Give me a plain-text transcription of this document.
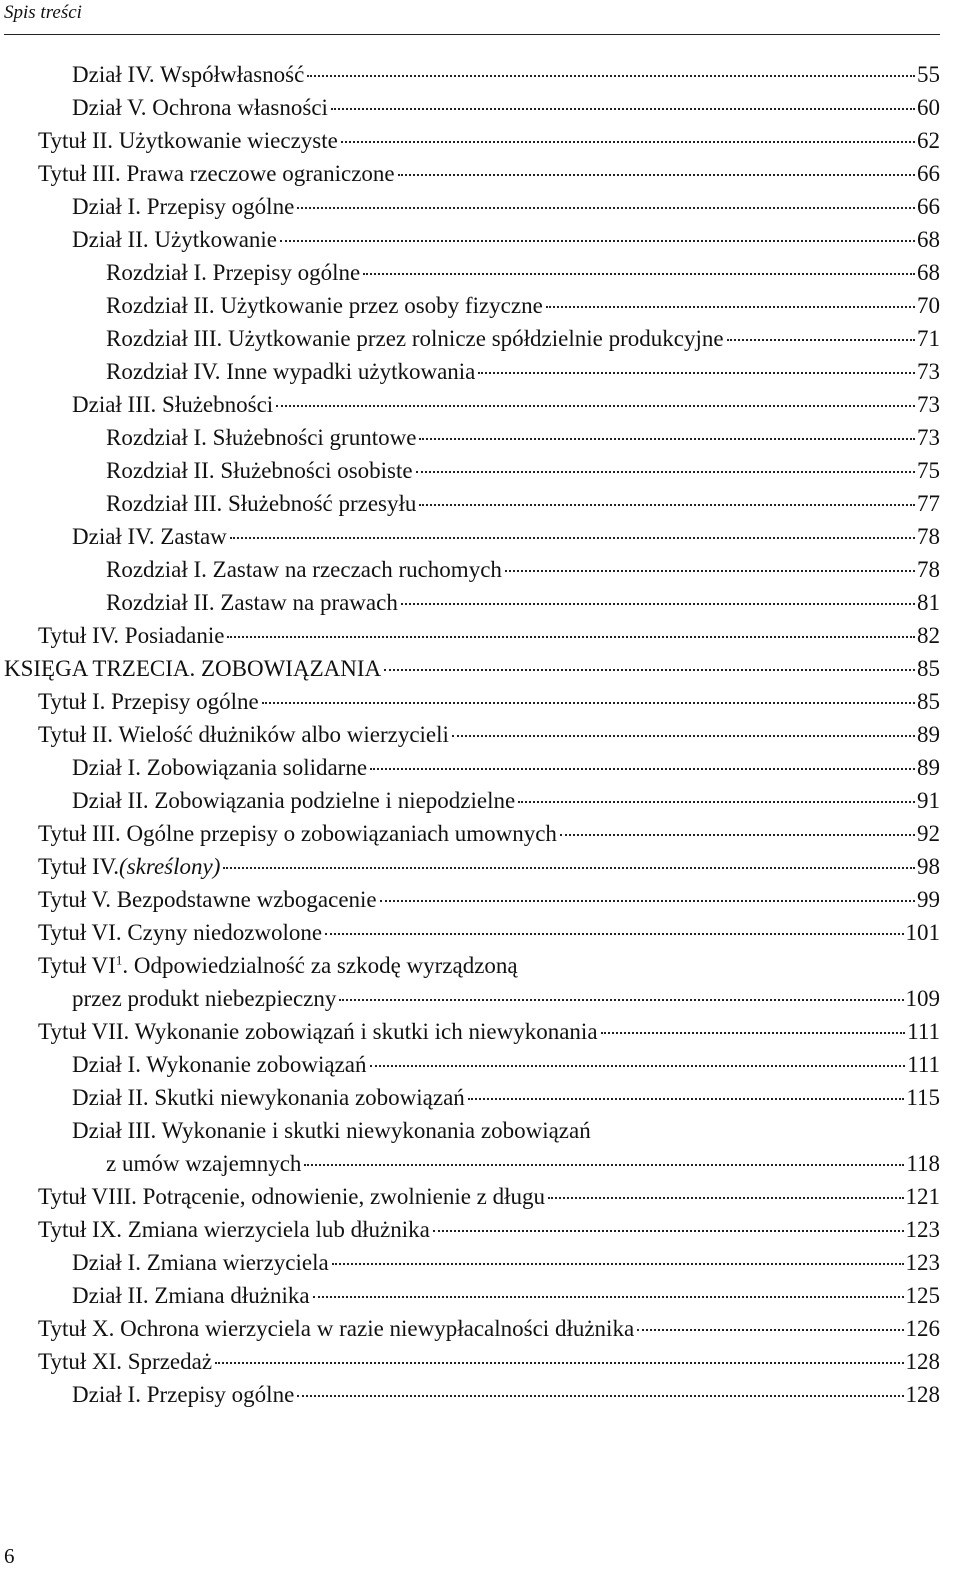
Spis treści
Dział IV. Współwłasność	55
Dział V. Ochrona własności	60
Tytuł II. Użytkowanie wieczyste	62
Tytuł III. Prawa rzeczowe ograniczone	66
Dział I. Przepisy ogólne	66
Dział II. Użytkowanie	68
Rozdział I. Przepisy ogólne	68
Rozdział II. Użytkowanie przez osoby fizyczne	70
Rozdział III. Użytkowanie przez rolnicze spółdzielnie produkcyjne	71
Rozdział IV. Inne wypadki użytkowania	73
Dział III. Służebności	73
Rozdział I. Służebności gruntowe	73
Rozdział II. Służebności osobiste	75
Rozdział III. Służebność przesyłu	77
Dział IV. Zastaw	78
Rozdział I. Zastaw na rzeczach ruchomych	78
Rozdział II. Zastaw na prawach	81
Tytuł IV. Posiadanie	82
KSIĘGA TRZECIA. ZOBOWIĄZANIA	85
Tytuł I. Przepisy ogólne	85
Tytuł II. Wielość dłużników albo wierzycieli	89
Dział I. Zobowiązania solidarne	89
Dział II. Zobowiązania podzielne i niepodzielne	91
Tytuł III. Ogólne przepisy o zobowiązaniach umownych	92
Tytuł IV. (skreślony)	98
Tytuł V. Bezpodstawne wzbogacenie	99
Tytuł VI. Czyny niedozwolone	101
Tytuł $VI^1$. Odpowiedzialność za szkodę wyrządzoną
przez produkt niebezpieczny	109
Tytuł VII. Wykonanie zobowiązań i skutki ich niewykonania	111
Dział I. Wykonanie zobowiązań	111
Dział II. Skutki niewykonania zobowiązań	115
Dział III. Wykonanie i skutki niewykonania zobowiązań
z umów wzajemnych	118
Tytuł VIII. Potrącenie, odnowienie, zwolnienie z długu	121
Tytuł IX. Zmiana wierzyciela lub dłużnika	123
Dział I. Zmiana wierzyciela	123
Dział II. Zmiana dłużnika	125
Tytuł X. Ochrona wierzyciela w razie niewypłacalności dłużnika	126
Tytuł XI. Sprzedaż	128
Dział I. Przepisy ogólne	128
6
